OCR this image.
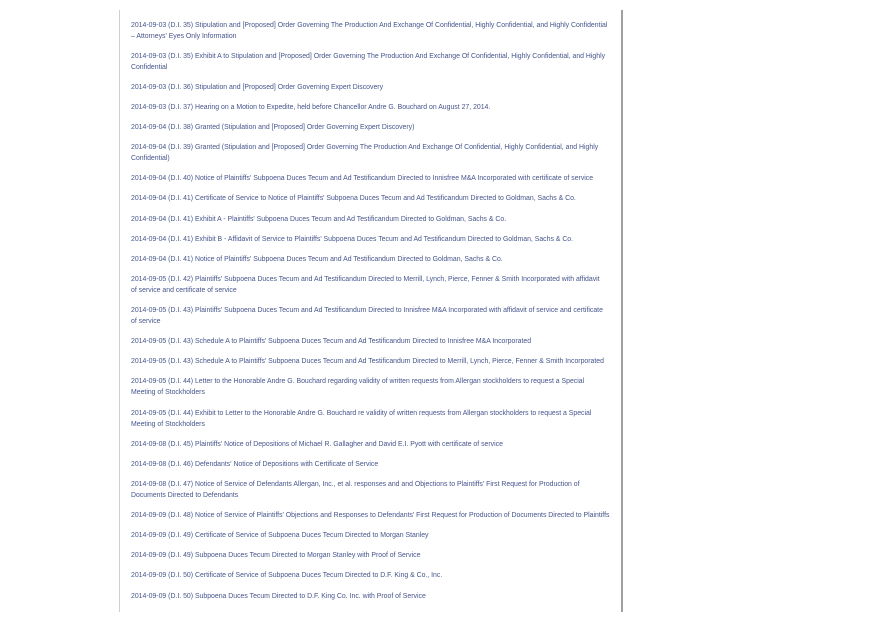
2014-09-03 (D.I. 35) Stipulation and [Proposed] Order Governing The Production And Exchange Of Confidential, Highly Confidential, and Highly Confidential
– Attorneys' Eyes Only Information
2014-09-03 (D.I. 35) Exhibit A to Stipulation and [Proposed] Order Governing The Production And Exchange Of Confidential, Highly Confidential, and Highly
Confidential
2014-09-03 (D.I. 36) Stipulation and [Proposed] Order Governing Expert Discovery
2014-09-03 (D.I. 37) Hearing on a Motion to Expedite, held before Chancellor Andre G. Bouchard on August 27, 2014.
2014-09-04 (D.I. 38) Granted (Stipulation and [Proposed] Order Governing Expert Discovery)
2014-09-04 (D.I. 39) Granted (Stipulation and [Proposed] Order Governing The Production And Exchange Of Confidential, Highly Confidential, and Highly
Confidential)
2014-09-04 (D.I. 40) Notice of Plaintiffs' Subpoena Duces Tecum and Ad Testificandum Directed to Innisfree M&A Incorporated with certificate of service
2014-09-04 (D.I. 41) Certificate of Service to Notice of Plaintiffs' Subpoena Duces Tecum and Ad Testificandum Directed to Goldman, Sachs & Co.
2014-09-04 (D.I. 41) Exhibit A - Plaintiffs' Subpoena Duces Tecum and Ad Testificandum Directed to Goldman, Sachs & Co.
2014-09-04 (D.I. 41) Exhibit B - Affidavit of Service to Plaintiffs' Subpoena Duces Tecum and Ad Testificandum Directed to Goldman, Sachs & Co.
2014-09-04 (D.I. 41) Notice of Plaintiffs' Subpoena Duces Tecum and Ad Testificandum Directed to Goldman, Sachs & Co.
2014-09-05 (D.I. 42) Plaintiffs' Subpoena Duces Tecum and Ad Testificandum Directed to Merrill, Lynch, Pierce, Fenner & Smith Incorporated with affidavit
of service and certificate of service
2014-09-05 (D.I. 43) Plaintiffs' Subpoena Duces Tecum and Ad Testificandum Directed to Innisfree M&A Incorporated with affidavit of service and certificate
of service
2014-09-05 (D.I. 43) Schedule A to Plaintiffs' Subpoena Duces Tecum and Ad Testificandum Directed to Innisfree M&A Incorporated
2014-09-05 (D.I. 43) Schedule A to Plaintiffs' Subpoena Duces Tecum and Ad Testificandum Directed to Merrill, Lynch, Pierce, Fenner & Smith Incorporated
2014-09-05 (D.I. 44) Letter to the Honorable Andre G. Bouchard regarding validity of written requests from Allergan stockholders to request a Special
Meeting of Stockholders
2014-09-05 (D.I. 44) Exhibit to Letter to the Honorable Andre G. Bouchard re validity of written requests from Allergan stockholders to request a Special
Meeting of Stockholders
2014-09-08 (D.I. 45) Plaintiffs' Notice of Depositions of Michael R. Gallagher and David E.I. Pyott with certificate of service
2014-09-08 (D.I. 46) Defendants' Notice of Depositions with Certificate of Service
2014-09-08 (D.I. 47) Notice of Service of Defendants Allergan, Inc., et al. responses and and Objections to Plaintiffs' First Request for Production of
Documents Directed to Defendants
2014-09-09 (D.I. 48) Notice of Service of Plaintiffs' Objections and Responses to Defendants' First Request for Production of Documents Directed to Plaintiffs
2014-09-09 (D.I. 49) Certificate of Service of Subpoena Duces Tecum Directed to Morgan Stanley
2014-09-09 (D.I. 49) Subpoena Duces Tecum Directed to Morgan Stanley with Proof of Service
2014-09-09 (D.I. 50) Certificate of Service of Subpoena Duces Tecum Directed to D.F. King & Co., Inc.
2014-09-09 (D.I. 50) Subpoena Duces Tecum Directed to D.F. King Co. Inc. with Proof of Service
